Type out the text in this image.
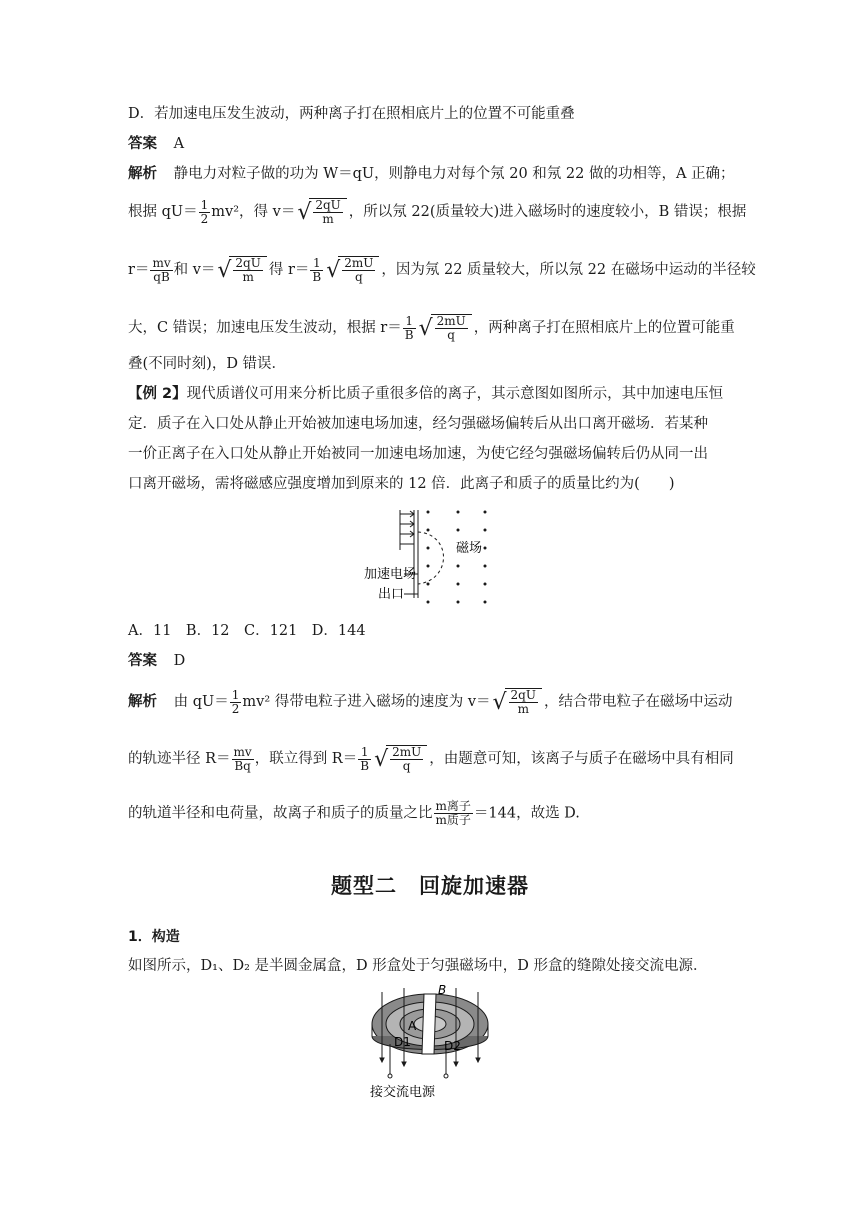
D．若加速电压发生波动，两种离子打在照相底片上的位置不可能重叠
答案 A
解析 静电力对粒子做的功为 W＝qU，则静电力对每个氖 20 和氖 22 做的功相等，A 正确；
根据 $qU= \frac{1}{2} mv^2$，得 v＝ √ $\frac{2qU}{m}$ ，所以氖 22(质量较大)进入磁场时的速度较小，B 错误；根据
$r= \frac{mv}{qB}$ 和 v＝ √ $\frac{2qU}{m}$ 得 $r= \frac{1}{B}$ √ $\frac{2mU}{q}$ ，因为氖 22 质量较大，所以氖 22 在磁场中运动的半径较
大，C 错误；加速电压发生波动，根据 $r= \frac{1}{B}$ √ $\frac{2mU}{q}$ ，两种离子打在照相底片上的位置可能重
叠(不同时刻)，D 错误．
【例 2】现代质谱仪可用来分析比质子重很多倍的离子，其示意图如图所示，其中加速电压恒
定．质子在入口处从静止开始被加速电场加速，经匀强磁场偏转后从出口离开磁场．若某种
一价正离子在入口处从静止开始被同一加速电场加速，为使它经匀强磁场偏转后仍从同一出
口离开磁场，需将磁感应强度增加到原来的 12 倍．此离子和质子的质量比约为(　　)
磁场
加速电场
出口
A．11　B．12　C．121　D．144
答案 D
解析 由 $qU= \frac{1}{2} mv^2$ 得带电粒子进入磁场的速度为 v＝ √ $\frac{2qU}{m}$ ，结合带电粒子在磁场中运动
的轨迹半径 $R= \frac{mv}{Bq}$ ，联立得到 $R= \frac{1}{B}$ √ $\frac{2mU}{q}$ ，由题意可知，该离子与质子在磁场中具有相同
的轨道半径和电荷量，故离子和质子的质量之比 $\frac{\text{m离子}}{\text{m质子}} =144$，故选 D.
题型二　回旋加速器
1．构造
如图所示，D₁、D₂ 是半圆金属盒，D 形盒处于匀强磁场中，D 形盒的缝隙处接交流电源．
B
A
D1	D2
接交流电源
